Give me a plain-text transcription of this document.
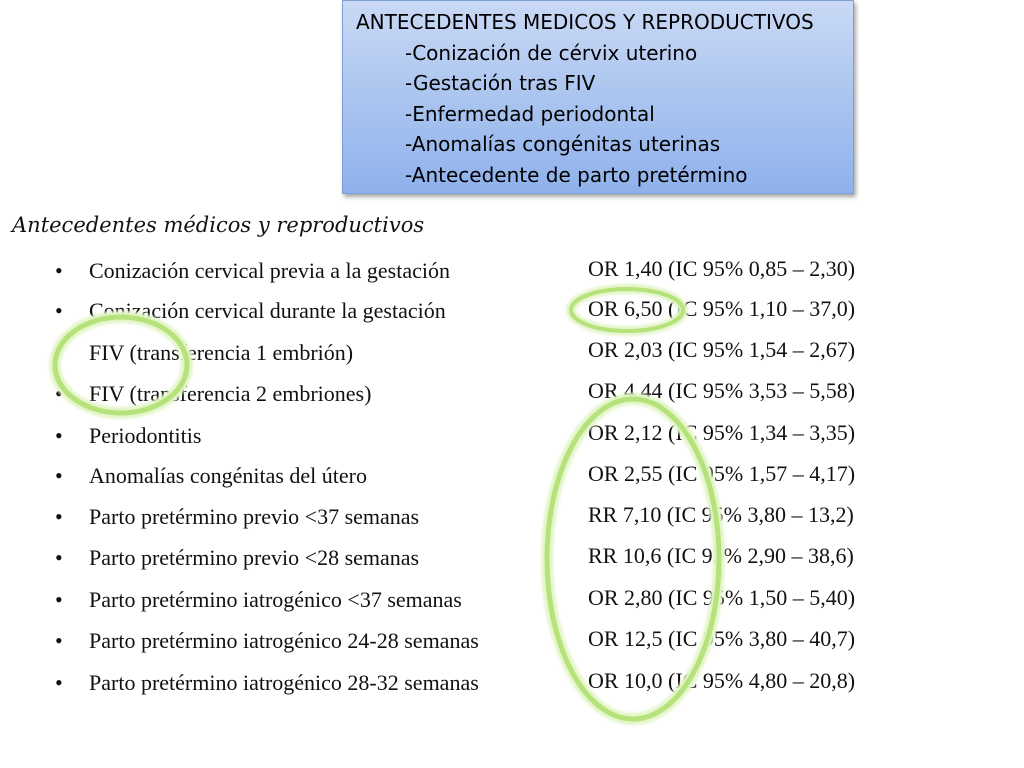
ANTECEDENTES MEDICOS Y REPRODUCTIVOS
-Conización de cérvix uterino
-Gestación tras FIV
-Enfermedad periodontal
-Anomalías congénitas uterinas
-Antecedente de parto pretérmino
Antecedentes médicos y reproductivos
• Conización cervical previa a la gestación
• Conización cervical durante la gestación
• FIV (transferencia 1 embrión)
• FIV (transferencia 2 embriones)
• Periodontitis
• Anomalías congénitas del útero
• Parto pretérmino previo <37 semanas
• Parto pretérmino previo <28 semanas
• Parto pretérmino iatrogénico <37 semanas
• Parto pretérmino iatrogénico 24-28 semanas
• Parto pretérmino iatrogénico 28-32 semanas
OR 1,40 (IC 95% 0,85 – 2,30)
OR 6,50 (IC 95% 1,10 – 37,0)
OR 2,03 (IC 95% 1,54 – 2,67)
OR 4,44 (IC 95% 3,53 – 5,58)
OR 2,12 (IC 95% 1,34 – 3,35)
OR 2,55 (IC 95% 1,57 – 4,17)
RR 7,10 (IC 95% 3,80 – 13,2)
RR 10,6 (IC 95% 2,90 – 38,6)
OR 2,80 (IC 95% 1,50 – 5,40)
OR 12,5 (IC 95% 3,80 – 40,7)
OR 10,0 (IC 95% 4,80 – 20,8)
